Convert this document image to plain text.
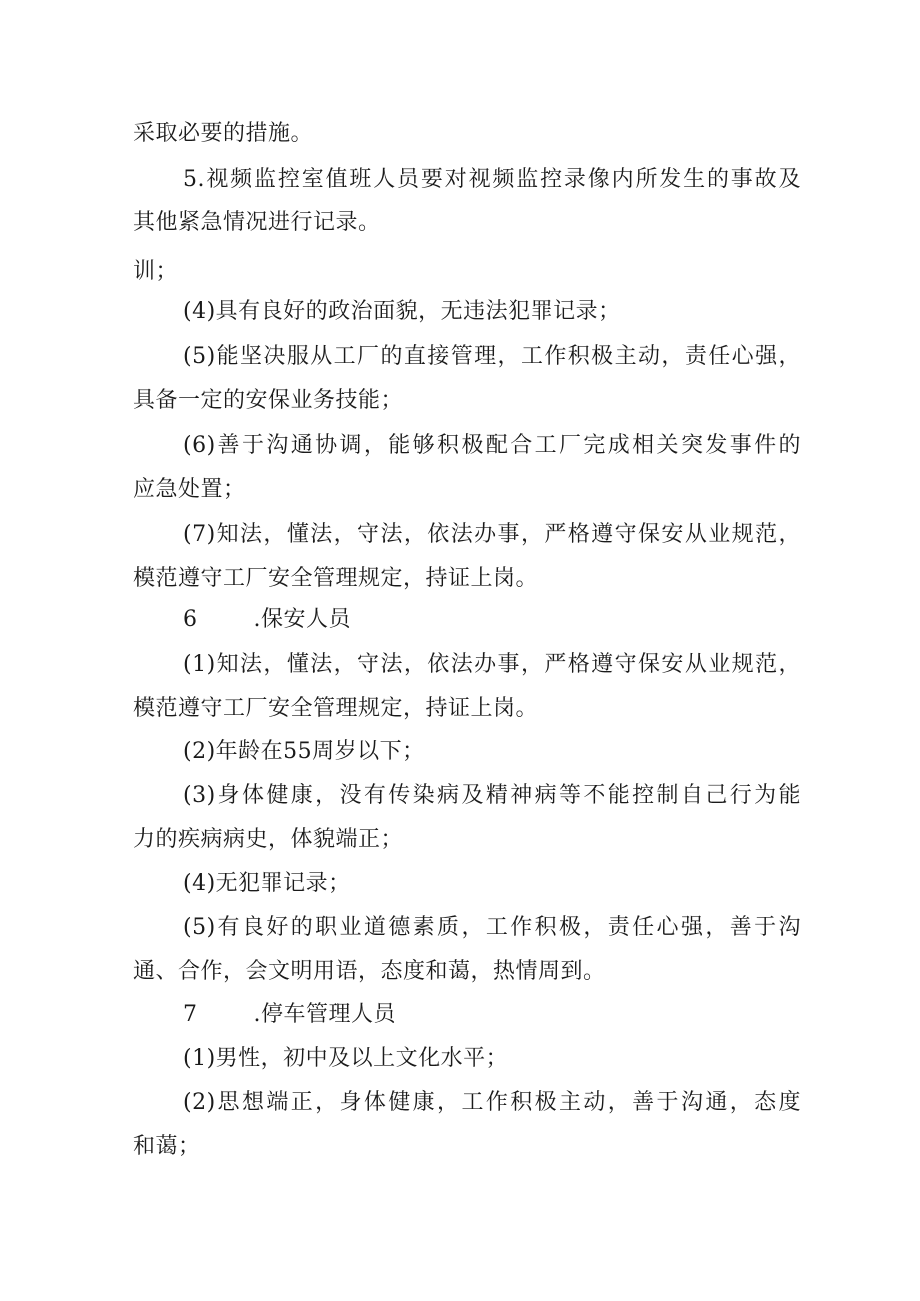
采取必要的措施。
5.视频监控室值班人员要对视频监控录像内所发生的事故及
其他紧急情况进行记录。
训；
(4)具有良好的政治面貌，无违法犯罪记录；
(5)能坚决服从工厂的直接管理，工作积极主动，责任心强，
具备一定的安保业务技能；
(6)善于沟通协调，能够积极配合工厂完成相关突发事件的
应急处置；
(7)知法，懂法，守法，依法办事，严格遵守保安从业规范，
模范遵守工厂安全管理规定，持证上岗。
6	.保安人员
(1)知法，懂法，守法，依法办事，严格遵守保安从业规范，
模范遵守工厂安全管理规定，持证上岗。
(2)年龄在55周岁以下；
(3)身体健康，没有传染病及精神病等不能控制自己行为能
力的疾病病史，体貌端正；
(4)无犯罪记录；
(5)有良好的职业道德素质，工作积极，责任心强，善于沟
通、合作，会文明用语，态度和蔼，热情周到。
7	.停车管理人员
(1)男性，初中及以上文化水平；
(2)思想端正，身体健康，工作积极主动，善于沟通，态度
和蔼；
